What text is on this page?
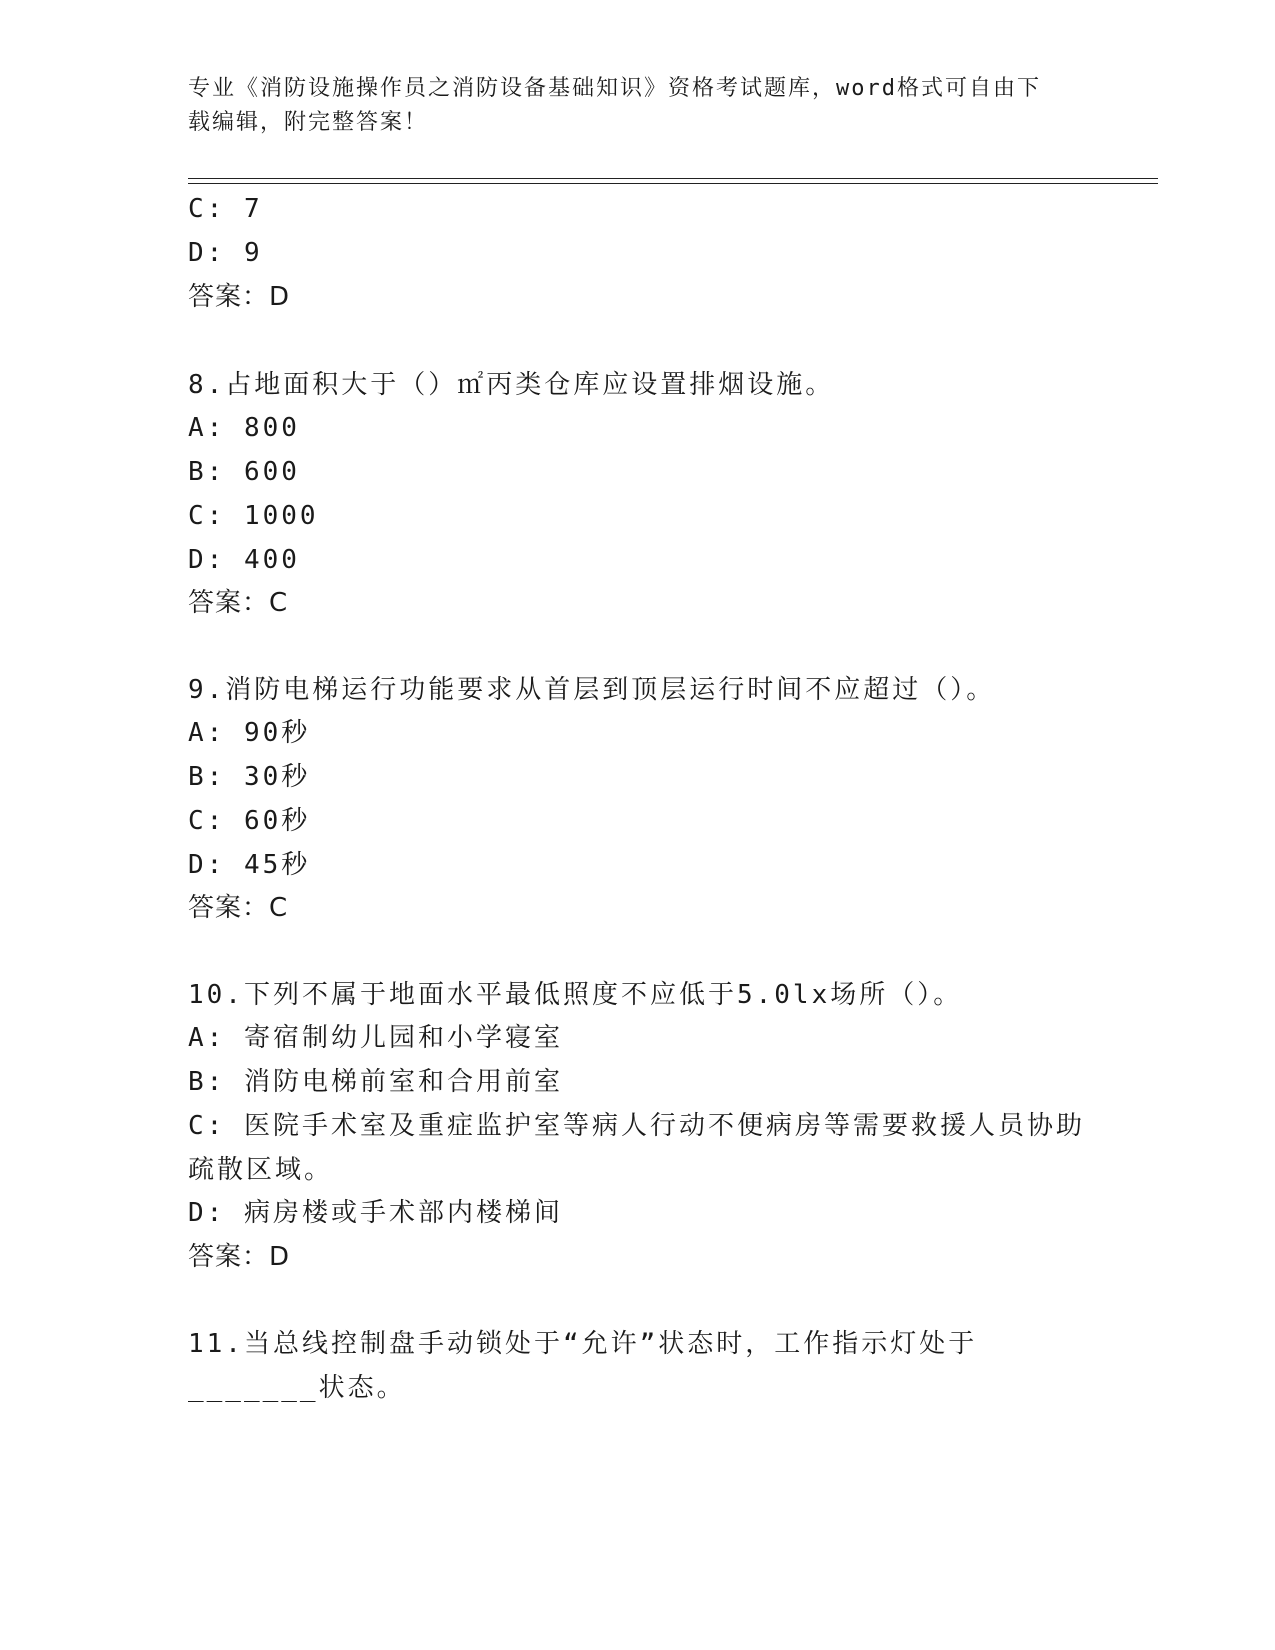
专业《消防设施操作员之消防设备基础知识》资格考试题库，word格式可自由下
载编辑，附完整答案！
C: 7
D: 9
答案：D
8.占地面积大于（）㎡丙类仓库应设置排烟设施。
A: 800
B: 600
C: 1000
D: 400
答案：C
9.消防电梯运行功能要求从首层到顶层运行时间不应超过（）。
A: 90秒
B: 30秒
C: 60秒
D: 45秒
答案：C
10.下列不属于地面水平最低照度不应低于5.0lx场所（）。
A: 寄宿制幼儿园和小学寝室
B: 消防电梯前室和合用前室
C: 医院手术室及重症监护室等病人行动不便病房等需要救援人员协助
疏散区域。
D: 病房楼或手术部内楼梯间
答案：D
11.当总线控制盘手动锁处于“允许”状态时，工作指示灯处于
_______状态。
